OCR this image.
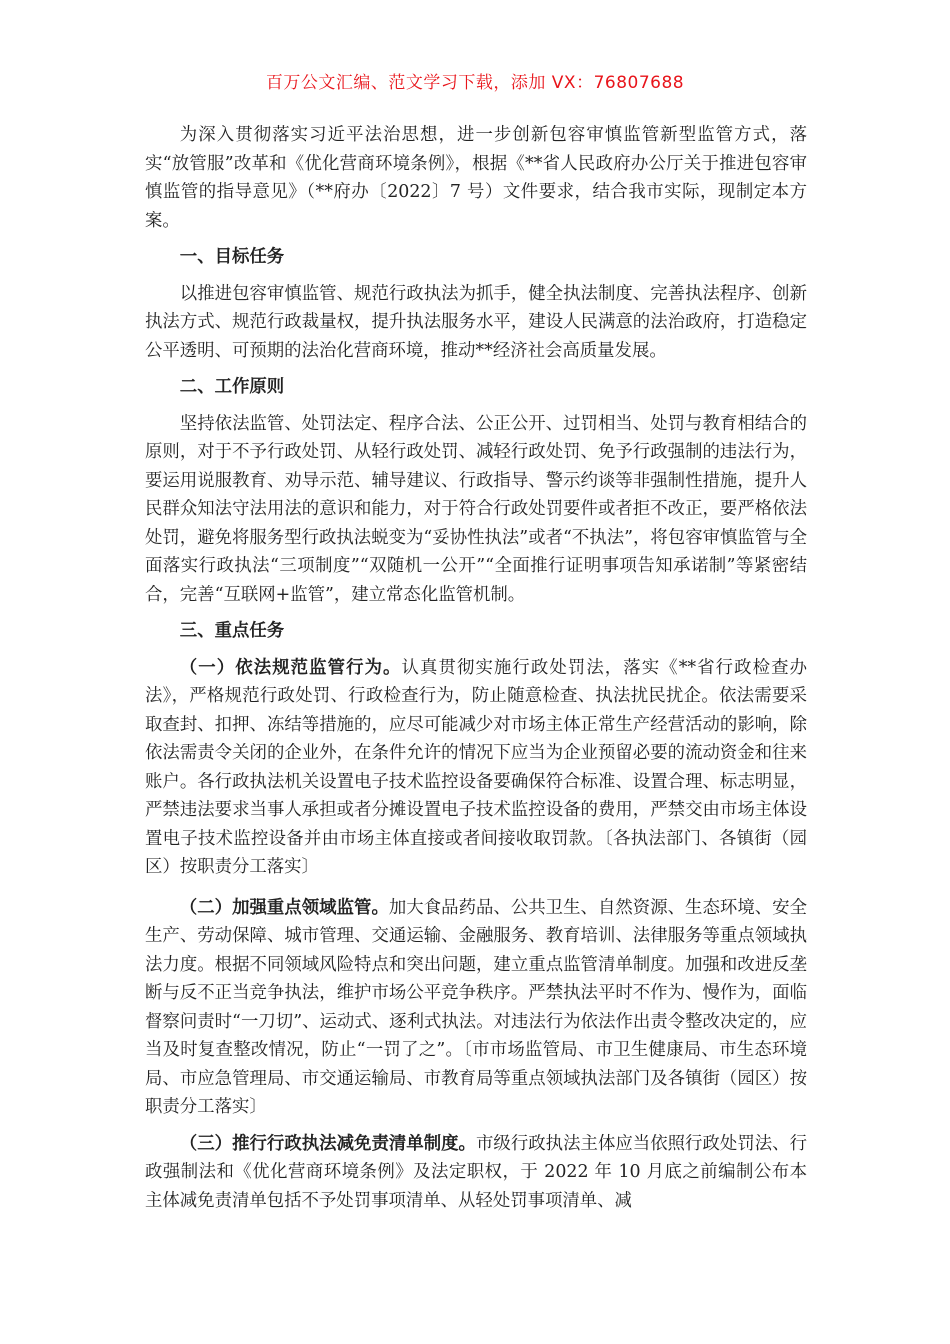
百万公文汇编、范文学习下载，添加 VX：76807688

为深入贯彻落实习近平法治思想，进一步创新包容审慎监管新型监管方式，落实“放管服”改革和《优化营商环境条例》，根据《**省人民政府办公厅关于推进包容审慎监管的指导意见》（**府办〔2022〕7 号）文件要求，结合我市实际，现制定本方案。

一、目标任务

以推进包容审慎监管、规范行政执法为抓手，健全执法制度、完善执法程序、创新执法方式、规范行政裁量权，提升执法服务水平，建设人民满意的法治政府，打造稳定公平透明、可预期的法治化营商环境，推动**经济社会高质量发展。

二、工作原则

坚持依法监管、处罚法定、程序合法、公正公开、过罚相当、处罚与教育相结合的原则，对于不予行政处罚、从轻行政处罚、减轻行政处罚、免予行政强制的违法行为，要运用说服教育、劝导示范、辅导建议、行政指导、警示约谈等非强制性措施，提升人民群众知法守法用法的意识和能力，对于符合行政处罚要件或者拒不改正，要严格依法处罚，避免将服务型行政执法蜕变为“妥协性执法”或者“不执法”，将包容审慎监管与全面落实行政执法“三项制度”“双随机一公开”“全面推行证明事项告知承诺制”等紧密结合，完善“互联网+监管”，建立常态化监管机制。

三、重点任务

（一）依法规范监管行为。认真贯彻实施行政处罚法，落实《**省行政检查办法》，严格规范行政处罚、行政检查行为，防止随意检查、执法扰民扰企。依法需要采取查封、扣押、冻结等措施的，应尽可能减少对市场主体正常生产经营活动的影响，除依法需责令关闭的企业外，在条件允许的情况下应当为企业预留必要的流动资金和往来账户。各行政执法机关设置电子技术监控设备要确保符合标准、设置合理、标志明显，严禁违法要求当事人承担或者分摊设置电子技术监控设备的费用，严禁交由市场主体设置电子技术监控设备并由市场主体直接或者间接收取罚款。〔各执法部门、各镇街（园区）按职责分工落实〕

（二）加强重点领域监管。加大食品药品、公共卫生、自然资源、生态环境、安全生产、劳动保障、城市管理、交通运输、金融服务、教育培训、法律服务等重点领域执法力度。根据不同领域风险特点和突出问题，建立重点监管清单制度。加强和改进反垄断与反不正当竞争执法，维护市场公平竞争秩序。严禁执法平时不作为、慢作为，面临督察问责时“一刀切”、运动式、逐利式执法。对违法行为依法作出责令整改决定的，应当及时复查整改情况，防止“一罚了之”。〔市市场监管局、市卫生健康局、市生态环境局、市应急管理局、市交通运输局、市教育局等重点领域执法部门及各镇街（园区）按职责分工落实〕

（三）推行行政执法减免责清单制度。市级行政执法主体应当依照行政处罚法、行政强制法和《优化营商环境条例》及法定职权，于 2022 年 10 月底之前编制公布本主体减免责清单包括不予处罚事项清单、从轻处罚事项清单、减
